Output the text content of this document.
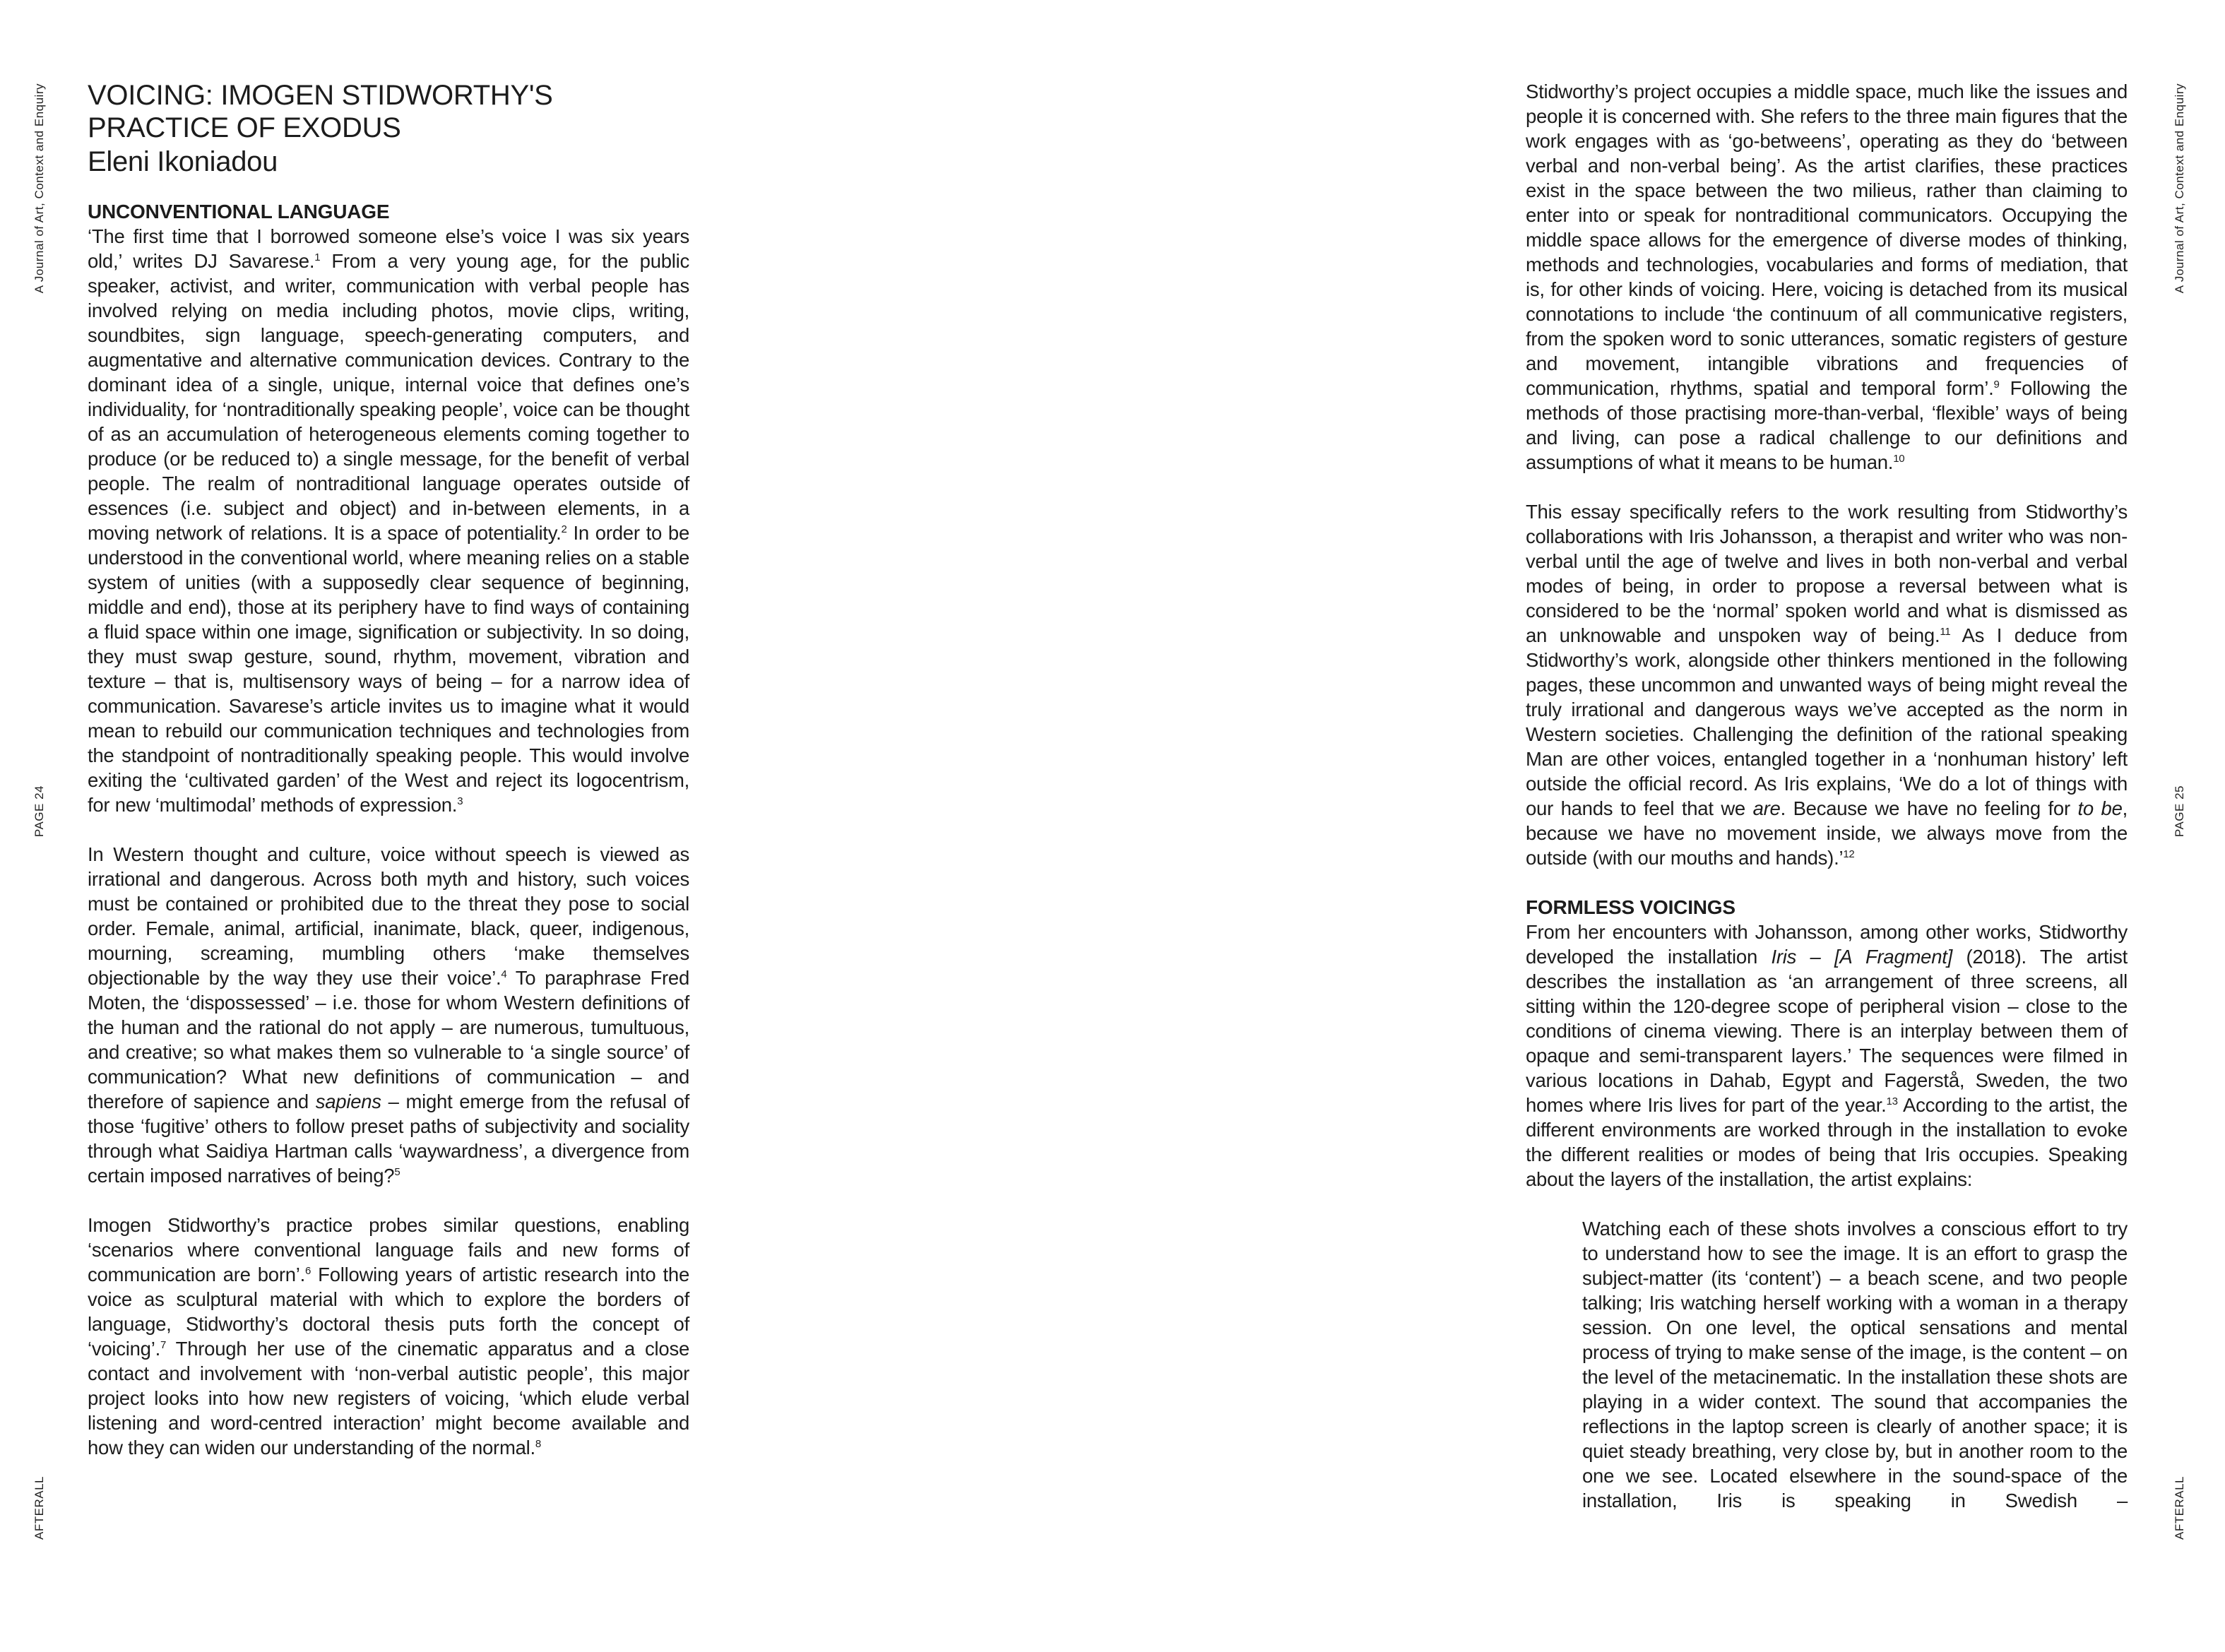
A Journal of Art, Context and Enquiry
PAGE 24
AFTERALL
A Journal of Art, Context and Enquiry
PAGE 25
AFTERALL
VOICING: IMOGEN STIDWORTHY'S
PRACTICE OF EXODUS
Eleni Ikoniadou
UNCONVENTIONAL LANGUAGE

‘The first time that I borrowed someone else’s voice I was six years old,’ writes DJ Savarese.$^1$ From a very young age, for the public speaker, activist, and writer, communication with verbal people has involved relying on media including photos, movie clips, writing, soundbites, sign language, speech-generating computers, and augmentative and alternative communication devices. Contrary to the dominant idea of a single, unique, internal voice that defines one’s individuality, for ‘nontraditionally speaking people’, voice can be thought of as an accumulation of heterogeneous elements coming together to produce (or be reduced to) a single message, for the benefit of verbal people. The realm of nontraditional language operates outside of essences (i.e. subject and object) and in-between elements, in a moving network of relations. It is a space of potentiality.$^2$ In order to be understood in the conventional world, where meaning relies on a stable system of unities (with a supposedly clear sequence of beginning, middle and end), those at its periphery have to find ways of containing a fluid space within one image, signification or subjectivity. In so doing, they must swap gesture, sound, rhythm, movement, vibration and texture – that is, multisensory ways of being – for a narrow idea of communication. Savarese’s article invites us to imagine what it would mean to rebuild our communication techniques and technologies from the standpoint of nontraditionally speaking people. This would involve exiting the ‘cultivated garden’ of the West and reject its logocentrism, for new ‘multimodal’ methods of expression.$^3$

In Western thought and culture, voice without speech is viewed as irrational and dangerous. Across both myth and history, such voices must be contained or prohibited due to the threat they pose to social order. Female, animal, artificial, inanimate, black, queer, indigenous, mourning, screaming, mumbling others ‘make themselves objectionable by the way they use their voice’.$^4$ To paraphrase Fred Moten, the ‘dispossessed’ – i.e. those for whom Western definitions of the human and the rational do not apply – are numerous, tumultuous, and creative; so what makes them so vulnerable to ‘a single source’ of communication? What new definitions of communication – and therefore of sapience and sapiens – might emerge from the refusal of those ‘fugitive’ others to follow preset paths of subjectivity and sociality through what Saidiya Hartman calls ‘waywardness’, a divergence from certain imposed narratives of being?$^5$

Imogen Stidworthy’s practice probes similar questions, enabling ‘scenarios where conventional language fails and new forms of communication are born’.$^6$ Following years of artistic research into the voice as sculptural material with which to explore the borders of language, Stidworthy’s doctoral thesis puts forth the concept of ‘voicing’.$^7$ Through her use of the cinematic apparatus and a close contact and involvement with ‘non-verbal autistic people’, this major project looks into how new registers of voicing, ‘which elude verbal listening and word-centred interaction’ might become available and how they can widen our understanding of the normal.$^8$

Stidworthy’s project occupies a middle space, much like the issues and people it is concerned with. She refers to the three main figures that the work engages with as ‘go-betweens’, operating as they do ‘between verbal and non-verbal being’. As the artist clarifies, these practices exist in the space between the two milieus, rather than claiming to enter into or speak for nontraditional communicators. Occupying the middle space allows for the emergence of diverse modes of thinking, methods and technologies, vocabularies and forms of mediation, that is, for other kinds of voicing. Here, voicing is detached from its musical connotations to include ‘the continuum of all communicative registers, from the spoken word to sonic utterances, somatic registers of gesture and movement, intangible vibrations and frequencies of communication, rhythms, spatial and temporal form’.$^9$ Following the methods of those practising more-than-verbal, ‘flexible’ ways of being and living, can pose a radical challenge to our definitions and assumptions of what it means to be human.$^{10}$

This essay specifically refers to the work resulting from Stidworthy’s collaborations with Iris Johansson, a therapist and writer who was non-verbal until the age of twelve and lives in both non-verbal and verbal modes of being, in order to propose a reversal between what is considered to be the ‘normal’ spoken world and what is dismissed as an unknowable and unspoken way of being.$^{11}$ As I deduce from Stidworthy’s work, alongside other thinkers mentioned in the following pages, these uncommon and unwanted ways of being might reveal the truly irrational and dangerous ways we’ve accepted as the norm in Western societies. Challenging the definition of the rational speaking Man are other voices, entangled together in a ‘nonhuman history’ left outside the official record. As Iris explains, ‘We do a lot of things with our hands to feel that we are. Because we have no feeling for to be, because we have no movement inside, we always move from the outside (with our mouths and hands).’$^{12}$

FORMLESS VOICINGS

From her encounters with Johansson, among other works, Stidworthy developed the installation Iris – [A Fragment] (2018). The artist describes the installation as ‘an arrangement of three screens, all sitting within the 120-degree scope of peripheral vision – close to the conditions of cinema viewing. There is an interplay between them of opaque and semi-transparent layers.’ The sequences were filmed in various locations in Dahab, Egypt and Fagerstå, Sweden, the two homes where Iris lives for part of the year.$^{13}$ According to the artist, the different environments are worked through in the installation to evoke the different realities or modes of being that Iris occupies. Speaking about the layers of the installation, the artist explains:

Watching each of these shots involves a conscious effort to try to understand how to see the image. It is an effort to grasp the subject-matter (its ‘content’) – a beach scene, and two people talking; Iris watching herself working with a woman in a therapy session. On one level, the optical sensations and mental process of trying to make sense of the image, is the content – on the level of the metacinematic. In the installation these shots are playing in a wider context. The sound that accompanies the reflections in the laptop screen is clearly of another space; it is quiet steady breathing, very close by, but in another room to the one we see. Located elsewhere in the sound-space of the installation, Iris is speaking in Swedish –
